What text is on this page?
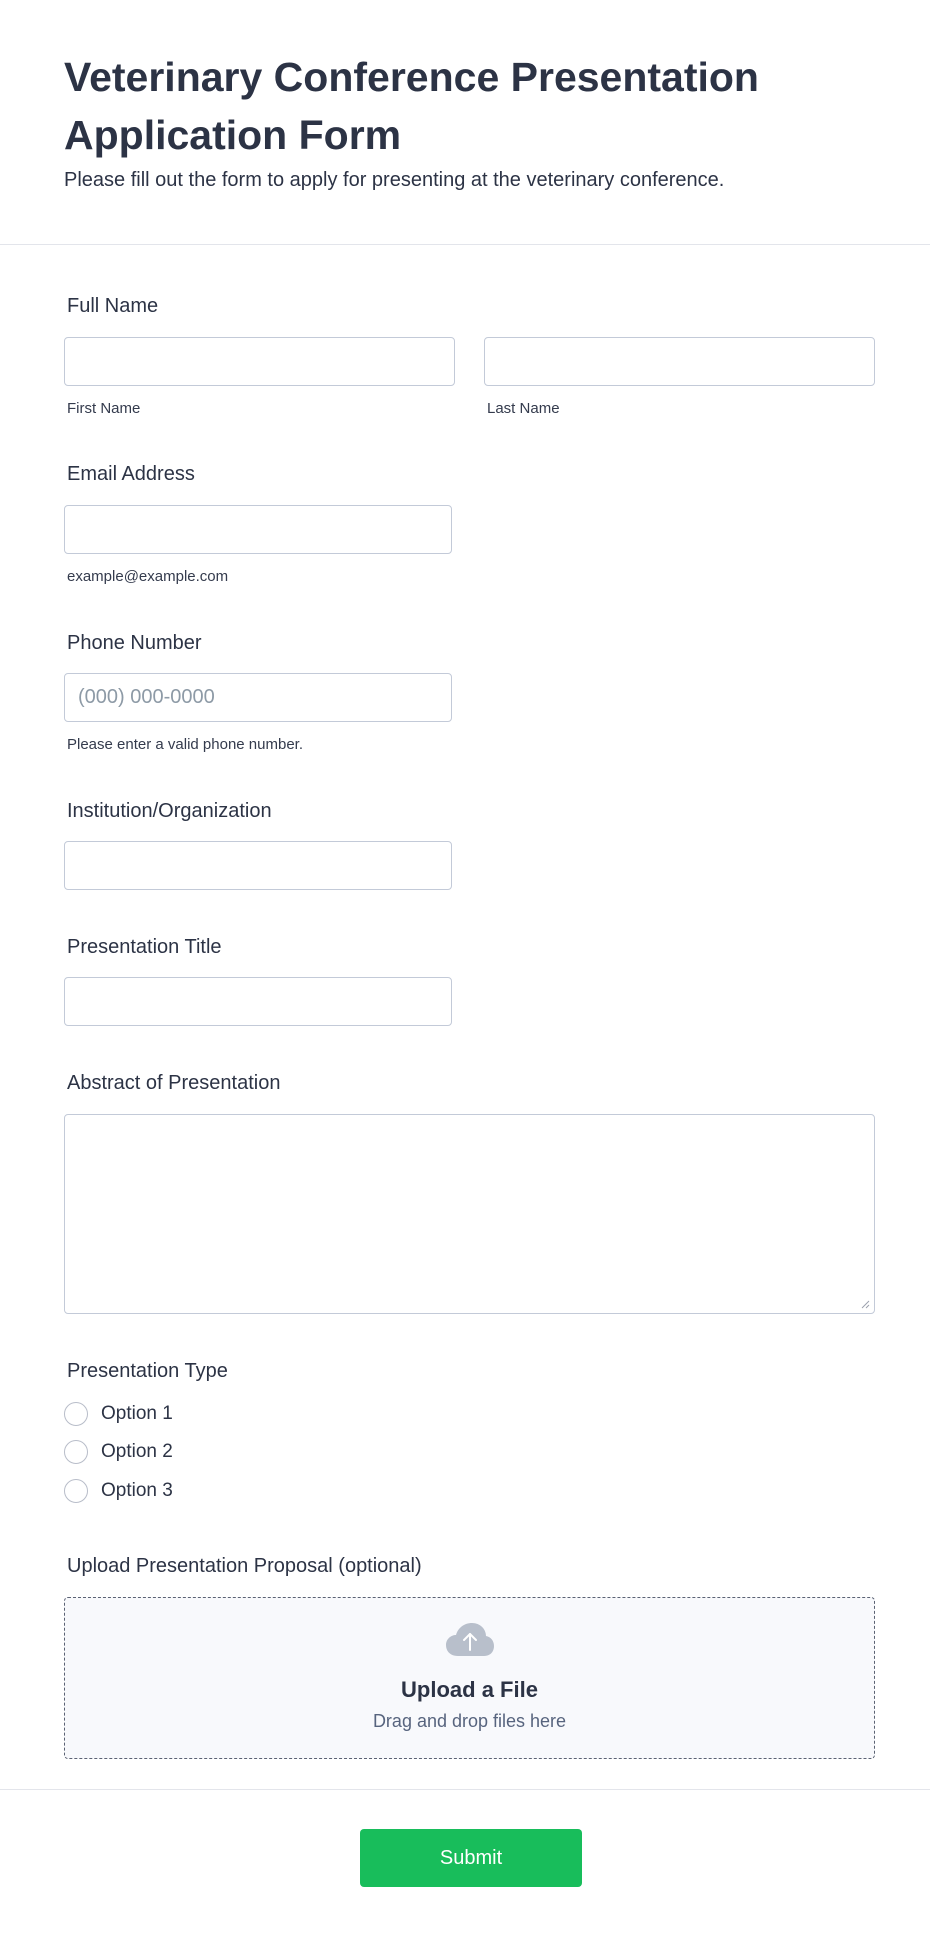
Veterinary Conference Presentation Application Form

Please fill out the form to apply for presenting at the veterinary conference.

Full Name
First Name	Last Name
Email Address
example@example.com
Phone Number
(000) 000-0000
Please enter a valid phone number.
Institution/Organization
Presentation Title
Abstract of Presentation
Presentation Type
Option 1
Option 2
Option 3
Upload Presentation Proposal (optional)
Upload a File
Drag and drop files here
Submit
